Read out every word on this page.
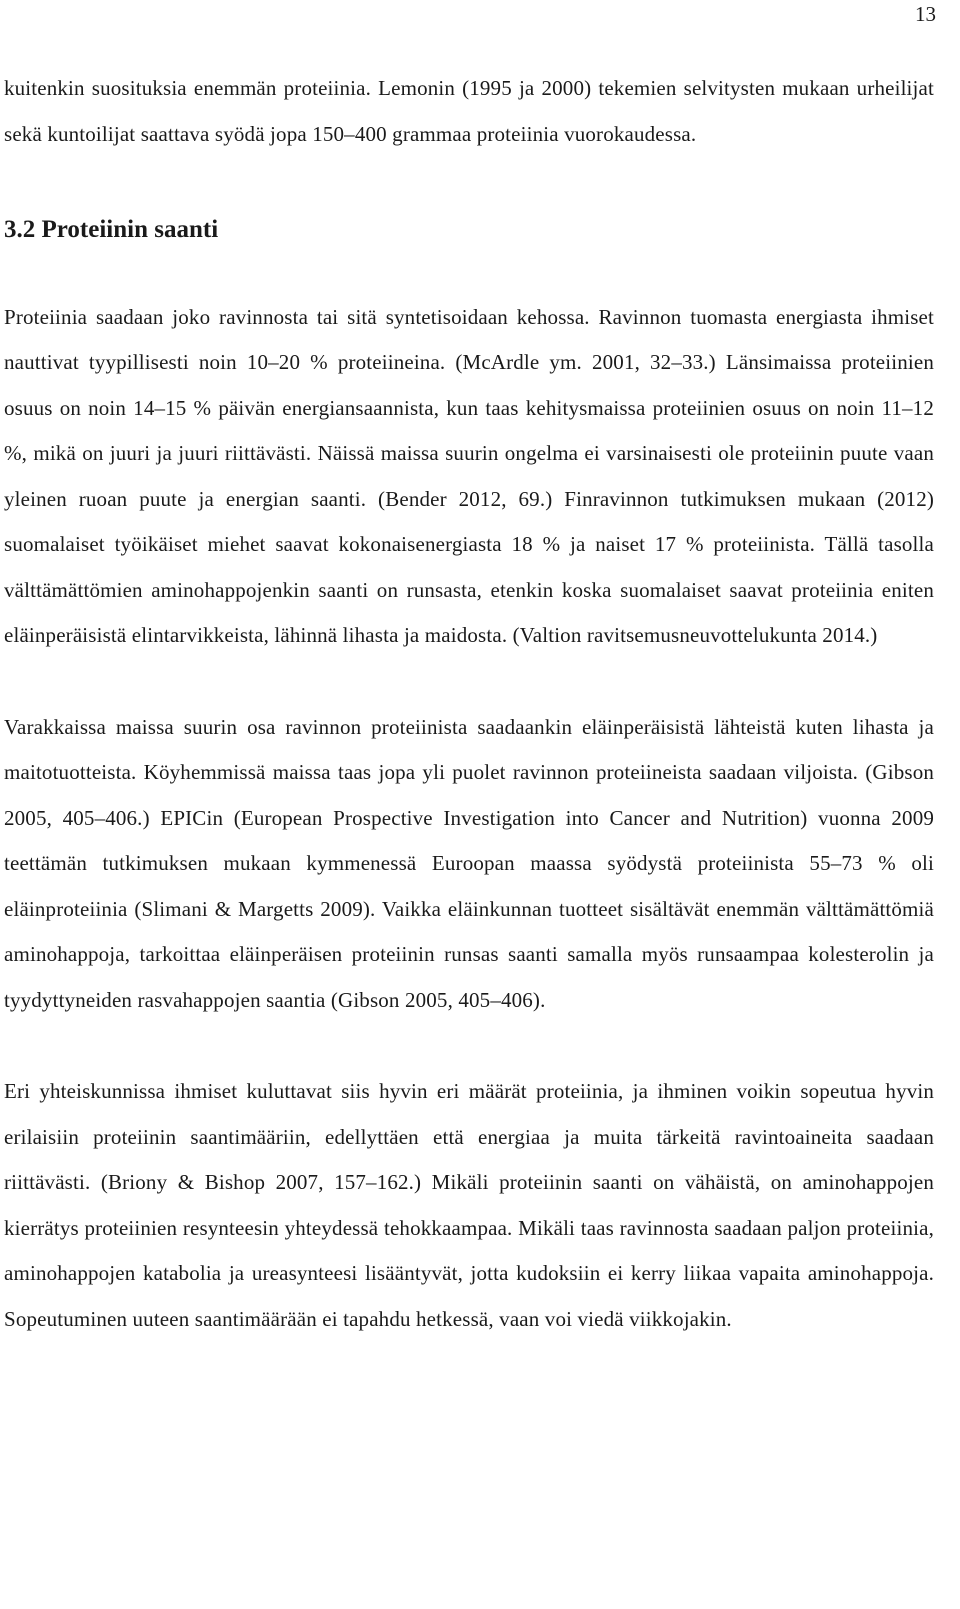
13

kuitenkin suosituksia enemmän proteiinia. Lemonin (1995 ja 2000) tekemien selvitysten mukaan urheilijat sekä kuntoilijat saattava syödä jopa 150–400 grammaa proteiinia vuorokaudessa.

3.2 Proteiinin saanti

Proteiinia saadaan joko ravinnosta tai sitä syntetisoidaan kehossa. Ravinnon tuomasta energiasta ihmiset nauttivat tyypillisesti noin 10–20 % proteiineina. (McArdle ym. 2001, 32–33.) Länsimaissa proteiinien osuus on noin 14–15 % päivän energiansaannista, kun taas kehitysmaissa proteiinien osuus on noin 11–12 %, mikä on juuri ja juuri riittävästi. Näissä maissa suurin ongelma ei varsinaisesti ole proteiinin puute vaan yleinen ruoan puute ja energian saanti. (Bender 2012, 69.) Finravinnon tutkimuksen mukaan (2012) suomalaiset työikäiset miehet saavat kokonaisenergiasta 18 % ja naiset 17 % proteiinista. Tällä tasolla välttämättömien aminohappojenkin saanti on runsasta, etenkin koska suomalaiset saavat proteiinia eniten eläinperäisistä elintarvikkeista, lähinnä lihasta ja maidosta. (Valtion ravitsemusneuvottelukunta 2014.)

Varakkaissa maissa suurin osa ravinnon proteiinista saadaankin eläinperäisistä lähteistä kuten lihasta ja maitotuotteista. Köyhemmissä maissa taas jopa yli puolet ravinnon proteiineista saadaan viljoista. (Gibson 2005, 405–406.) EPICin (European Prospective Investigation into Cancer and Nutrition) vuonna 2009 teettämän tutkimuksen mukaan kymmenessä Euroopan maassa syödystä proteiinista 55–73 % oli eläinproteiinia (Slimani & Margetts 2009). Vaikka eläinkunnan tuotteet sisältävät enemmän välttämättömiä aminohappoja, tarkoittaa eläinperäisen proteiinin runsas saanti samalla myös runsaampaa kolesterolin ja tyydyttyneiden rasvahappojen saantia (Gibson 2005, 405–406).

Eri yhteiskunnissa ihmiset kuluttavat siis hyvin eri määrät proteiinia, ja ihminen voikin sopeutua hyvin erilaisiin proteiinin saantimääriin, edellyttäen että energiaa ja muita tärkeitä ravintoaineita saadaan riittävästi. (Briony & Bishop 2007, 157–162.) Mikäli proteiinin saanti on vähäistä, on aminohappojen kierrätys proteiinien resynteesin yhteydessä tehokkaampaa. Mikäli taas ravinnosta saadaan paljon proteiinia, aminohappojen katabolia ja ureasynteesi lisääntyvät, jotta kudoksiin ei kerry liikaa vapaita aminohappoja. Sopeutuminen uuteen saantimäärään ei tapahdu hetkessä, vaan voi viedä viikkojakin.
